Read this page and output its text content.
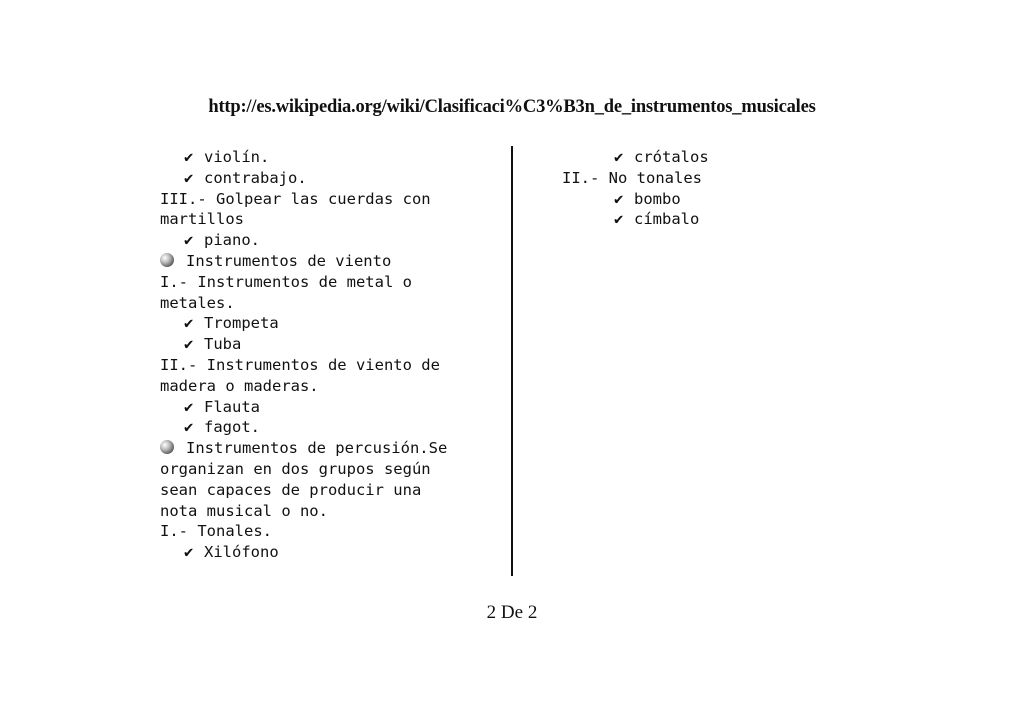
http://es.wikipedia.org/wiki/Clasificaci%C3%B3n_de_instrumentos_musicales
✔ violín.
✔ contrabajo.
III.- Golpear las cuerdas con
martillos
✔ piano.
Instrumentos de viento
I.- Instrumentos de metal o
metales.
✔ Trompeta
✔ Tuba
II.- Instrumentos de viento de
madera o maderas.
✔ Flauta
✔ fagot.
Instrumentos de percusión.Se
organizan en dos grupos según
sean capaces de producir una
nota musical o no.
I.- Tonales.
✔ Xilófono
✔ crótalos
II.- No tonales
✔ bombo
✔ címbalo
2 De 2
